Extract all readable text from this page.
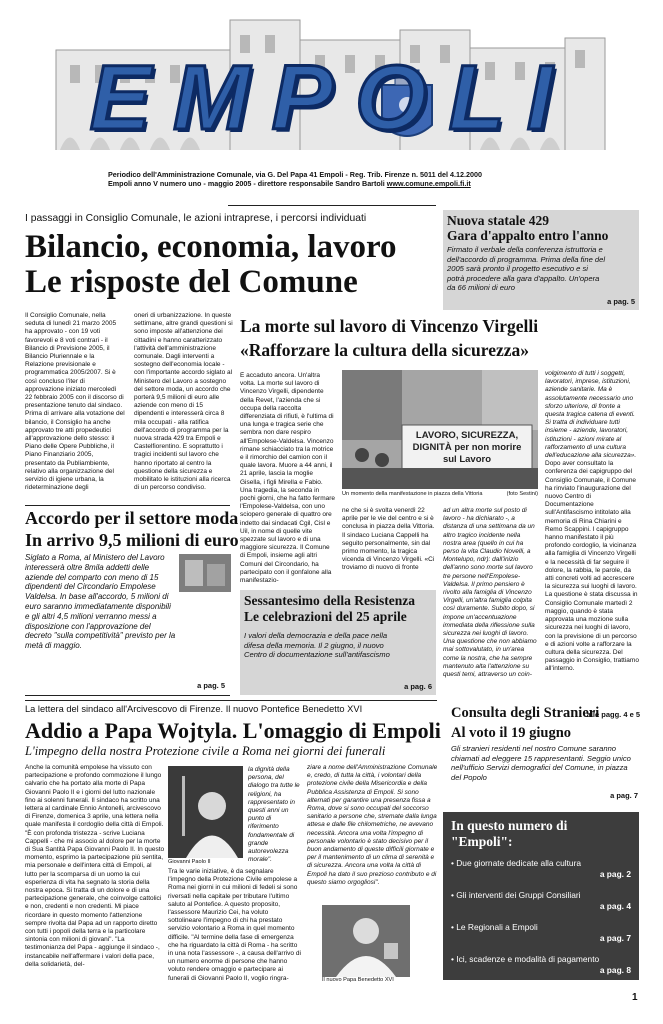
EMPOLI
Periodico dell'Amministrazione Comunale, via G. Del Papa 41 Empoli - Reg. Trib. Firenze n. 5011 del 4.12.2000
Empoli anno V numero uno - maggio 2005 - direttore responsabile Sandro Bartoli www.comune.empoli.fi.it
I passaggi in Consiglio Comunale, le azioni intraprese, i percorsi individuati
Bilancio, economia, lavoro
Le risposte del Comune
Il Consiglio Comunale, nella seduta di lunedì 21 marzo 2005 ha approvato - con 19 voti favorevoli e 8 voti contrari - il Bilancio di Previsione 2005, il Bilancio Pluriennale e la Relazione previsionale e programmatica 2005/2007. Si è così concluso l'iter di approvazione iniziato mercoledì 22 febbraio 2005 con il discorso di presentazione tenuto dal sindaco. Prima di arrivare alla votazione del bilancio, il Consiglio ha anche approvato tre atti propedeutici all'approvazione dello stesso: il Piano delle Opere Pubbliche, il Piano Finanziario 2005, presentato da Publiambiente, relativo alla organizzazione del servizio di igiene urbana, la rideterminazione degli
oneri di urbanizzazione. In queste settimane, altre grandi questioni si sono imposte all'attenzione dei cittadini e hanno caratterizzato l'attività dell'amministrazione comunale. Dagli interventi a sostegno dell'economia locale - con l'importante accordo siglato al Ministero del Lavoro a sostegno del settore moda, un accordo che porterà 9,5 milioni di euro alle aziende con meno di 15 dipendenti e interesserà circa 8 mila occupati - alla ratifica dell'accordo di programma per la nuova strada 429 tra Empoli e Castelfiorentino. E soprattutto i tragici incidenti sul lavoro che hanno riportato al centro la questione della sicurezza e mobilitato le istituzioni alla ricerca di un percorso condiviso.
Nuova statale 429
Gara d'appalto entro l'anno
Firmato il verbale della conferenza istruttoria e dell'accordo di programma. Prima della fine del 2005 sarà pronto il progetto esecutivo e si potrà procedere alla gara d'appalto. Un'opera da 66 milioni di euro
a pag. 5
La morte sul lavoro di Vincenzo Virgelli
«Rafforzare la cultura della sicurezza»
È accaduto ancora. Un'altra volta. La morte sul lavoro di Vincenzo Virgelli, dipendente della Revet, l'azienda che si occupa della raccolta differenziata di rifiuti, è l'ultima di una lunga e tragica serie che sembra non dare respiro all'Empolese-Valdelsa. Vincenzo rimane schiacciato tra la motrice e il rimorchio del camion con il quale lavora. Muore a 44 anni, il 21 aprile, lascia la moglie Gisella, i figli Mirella e Fabio. Una tragedia, la seconda in pochi giorni, che ha fatto fermare l'Empolese-Valdelsa, con uno sciopero generale di quattro ore indetto dai sindacati Cgil, Cisl e Uil, in nome di quelle vite spezzate sul lavoro e di una maggiore sicurezza. Il Comune di Empoli, insieme agli altri Comuni del Circondario, ha partecipato con il gonfalone alla manifestazio-
LAVORO, SICUREZZA, DIGNITÀ per non morire sul Lavoro
Un momento della manifestazione in piazza della Vittoria	(foto Sestini)
ne che si è svolta venerdì 22 aprile per le vie del centro e si è conclusa in piazza della Vittoria. Il sindaco Luciana Cappelli ha seguito personalmente, sin dal primo momento, la tragica vicenda di Vincenzo Virgelli. «Ci troviamo di nuovo di fronte
ad un altra morte sul posto di lavoro - ha dichiarato -, a distanza di una settimana da un altro tragico incidente nella nostra area (quello in cui ha perso la vita Claudio Novelli, a Montelupo, ndr): dall'inizio dell'anno sono morte sul lavoro tre persone nell'Empolese-Valdelsa. Il primo pensiero è rivolto alla famiglia di Vincenzo Virgelli, un'altra famiglia colpita così duramente. Subito dopo, si impone un'accentuazione immediata della riflessione sulla sicurezza nei luoghi di lavoro. Una questione che non abbiamo mai sottovalutato, in un'area come la nostra, che ha sempre mantenuto alta l'attenzione su questi temi, attraverso un coin-
volgimento di tutti i soggetti, lavoratori, imprese, istituzioni, aziende sanitarie. Ma è assolutamente necessario uno sforzo ulteriore, di fronte a questa tragica catena di eventi. Si tratta di individuare tutti insieme - aziende, lavoratori, istituzioni - azioni mirate al rafforzamento di una cultura dell'educazione alla sicurezza». Dopo aver consultato la conferenza dei capigruppo del Consiglio Comunale, il Comune ha rinviato l'inaugurazione del nuovo Centro di Documentazione sull'Antifascismo intitolato alla memoria di Rina Chiarini e Remo Scappini. I capigruppo hanno manifestato il più profondo cordoglio, la vicinanza alla famiglia di Vincenzo Virgelli e la necessità di far seguire il dolore, la rabbia, le parole, da atti concreti volti ad accrescere la sicurezza sui luoghi di lavoro. La questione è stata discussa in Consiglio Comunale martedì 2 maggio, quando è stata approvata una mozione sulla sicurezza nei luoghi di lavoro, con la previsione di un percorso e di azioni volte a rafforzare la cultura della sicurezza. Del passaggio in Consiglio, trattiamo all'interno.
alle pagg. 4 e 5
Accordo per il settore moda
In arrivo 9,5 milioni di euro
Siglato a Roma, al Ministero del Lavoro interesserà oltre 8mila addetti delle aziende del comparto con meno di 15 dipendenti del Circondario Empolese Valdelsa. In base all'accordo, 5 milioni di euro saranno immediatamente disponibili e gli altri 4,5 milioni verranno messi a disposizione con l'approvazione del decreto "sulla competitività" previsto per la metà di maggio.
a pag. 5
Sessantesimo della Resistenza
Le celebrazioni del 25 aprile
I valori della democrazia e della pace nella difesa della memoria. Il 2 giugno, il nuovo Centro di documentazione sull'antifascismo
a pag. 6
La lettera del sindaco all'Arcivescovo di Firenze. Il nuovo Pontefice Benedetto XVI
Addio a Papa Wojtyla. L'omaggio di Empoli
L'impegno della nostra Protezione civile a Roma nei giorni dei funerali
Anche la comunità empolese ha vissuto con partecipazione e profondo commozione il lungo calvario che ha portato alla morte di Papa Giovanni Paolo II e i giorni del lutto nazionale fino ai solenni funerali. Il sindaco ha scritto una lettera al cardinale Ennio Antonelli, arcivescovo di Firenze, domenica 3 aprile, una lettera nella quale manifesta il cordoglio della città di Empoli. "È con profonda tristezza - scrive Luciana Cappelli - che mi associo al dolore per la morte di Sua Santità Papa Giovanni Paolo II. In questo momento, esprimo la partecipazione più sentita, mia personale e dell'intera città di Empoli, al lutto per la scomparsa di un uomo la cui esperienza di vita ha segnato la storia della nostra epoca. Si tratta di un dolore e di una partecipazione generale, che coinvolge cattolici e non, credenti e non credenti. Mi piace ricordare in questo momento l'attenzione sempre rivolta dal Papa ad un rapporto diretto con tutti i popoli della terra e la particolare sintonia con milioni di giovani". "La testimonianza del Papa - aggiunge il sindaco -, instancabile nell'affermare i valori della pace, della solidarietà, del-
Giovanni Paolo II
la dignità della persona, del dialogo tra tutte le religioni, ha rappresentato in questi anni un punto di riferimento fondamentale di grande autorevolezza morale".
Tra le varie iniziative, è da segnalare l'impegno della Protezione Civile empolese a Roma nei giorni in cui milioni di fedeli si sono riversati nella capitale per tributare l'ultimo saluto al Pontefice. A questo proposito, l'assessore Maurizio Cei, ha voluto sottolineare l'impegno di chi ha prestato servizio volontario a Roma in quel momento difficile. "Al termine della fase di emergenza che ha riguardato la città di Roma - ha scritto in una nota l'assessore -, a causa dell'arrivo di un numero enorme di persone che hanno voluto rendere omaggio e partecipare ai funerali di Giovanni Paolo II, voglio ringra-
ziare a nome dell'Amministrazione Comunale e, credo, di tutta la città, i volontari della protezione civile della Misericordia e della Pubblica Assistenza di Empoli. Si sono alternati per garantire una presenza fissa a Roma, dove si sono occupati del soccorso sanitario a persone che, stremate dalla lunga attesa e dalle file chilometriche, ne avevano necessità. Ancora una volta l'impegno di personale volontario è stato decisivo per il buon andamento di queste difficili giornate e per il mantenimento di un clima di serenità e di sicurezza. Ancora una volta la città di Empoli ha dato il suo prezioso contributo e di questo siamo orgogliosi".
Il nuovo Papa Benedetto XVI
Consulta degli Stranieri
Al voto il 19 giugno
Gli stranieri residenti nel nostro Comune saranno chiamati ad eleggere 15 rappresentanti. Seggio unico nell'ufficio Servizi demografici del Comune, in piazza del Popolo
a pag. 7
In questo numero di "Empoli":
• Due giornate dedicate alla cultura
a pag. 2
• Gli interventi dei Gruppi Consiliari
a pag. 4
• Le Regionali a Empoli
a pag. 7
• Ici, scadenze e modalità di pagamento
a pag. 8
1
